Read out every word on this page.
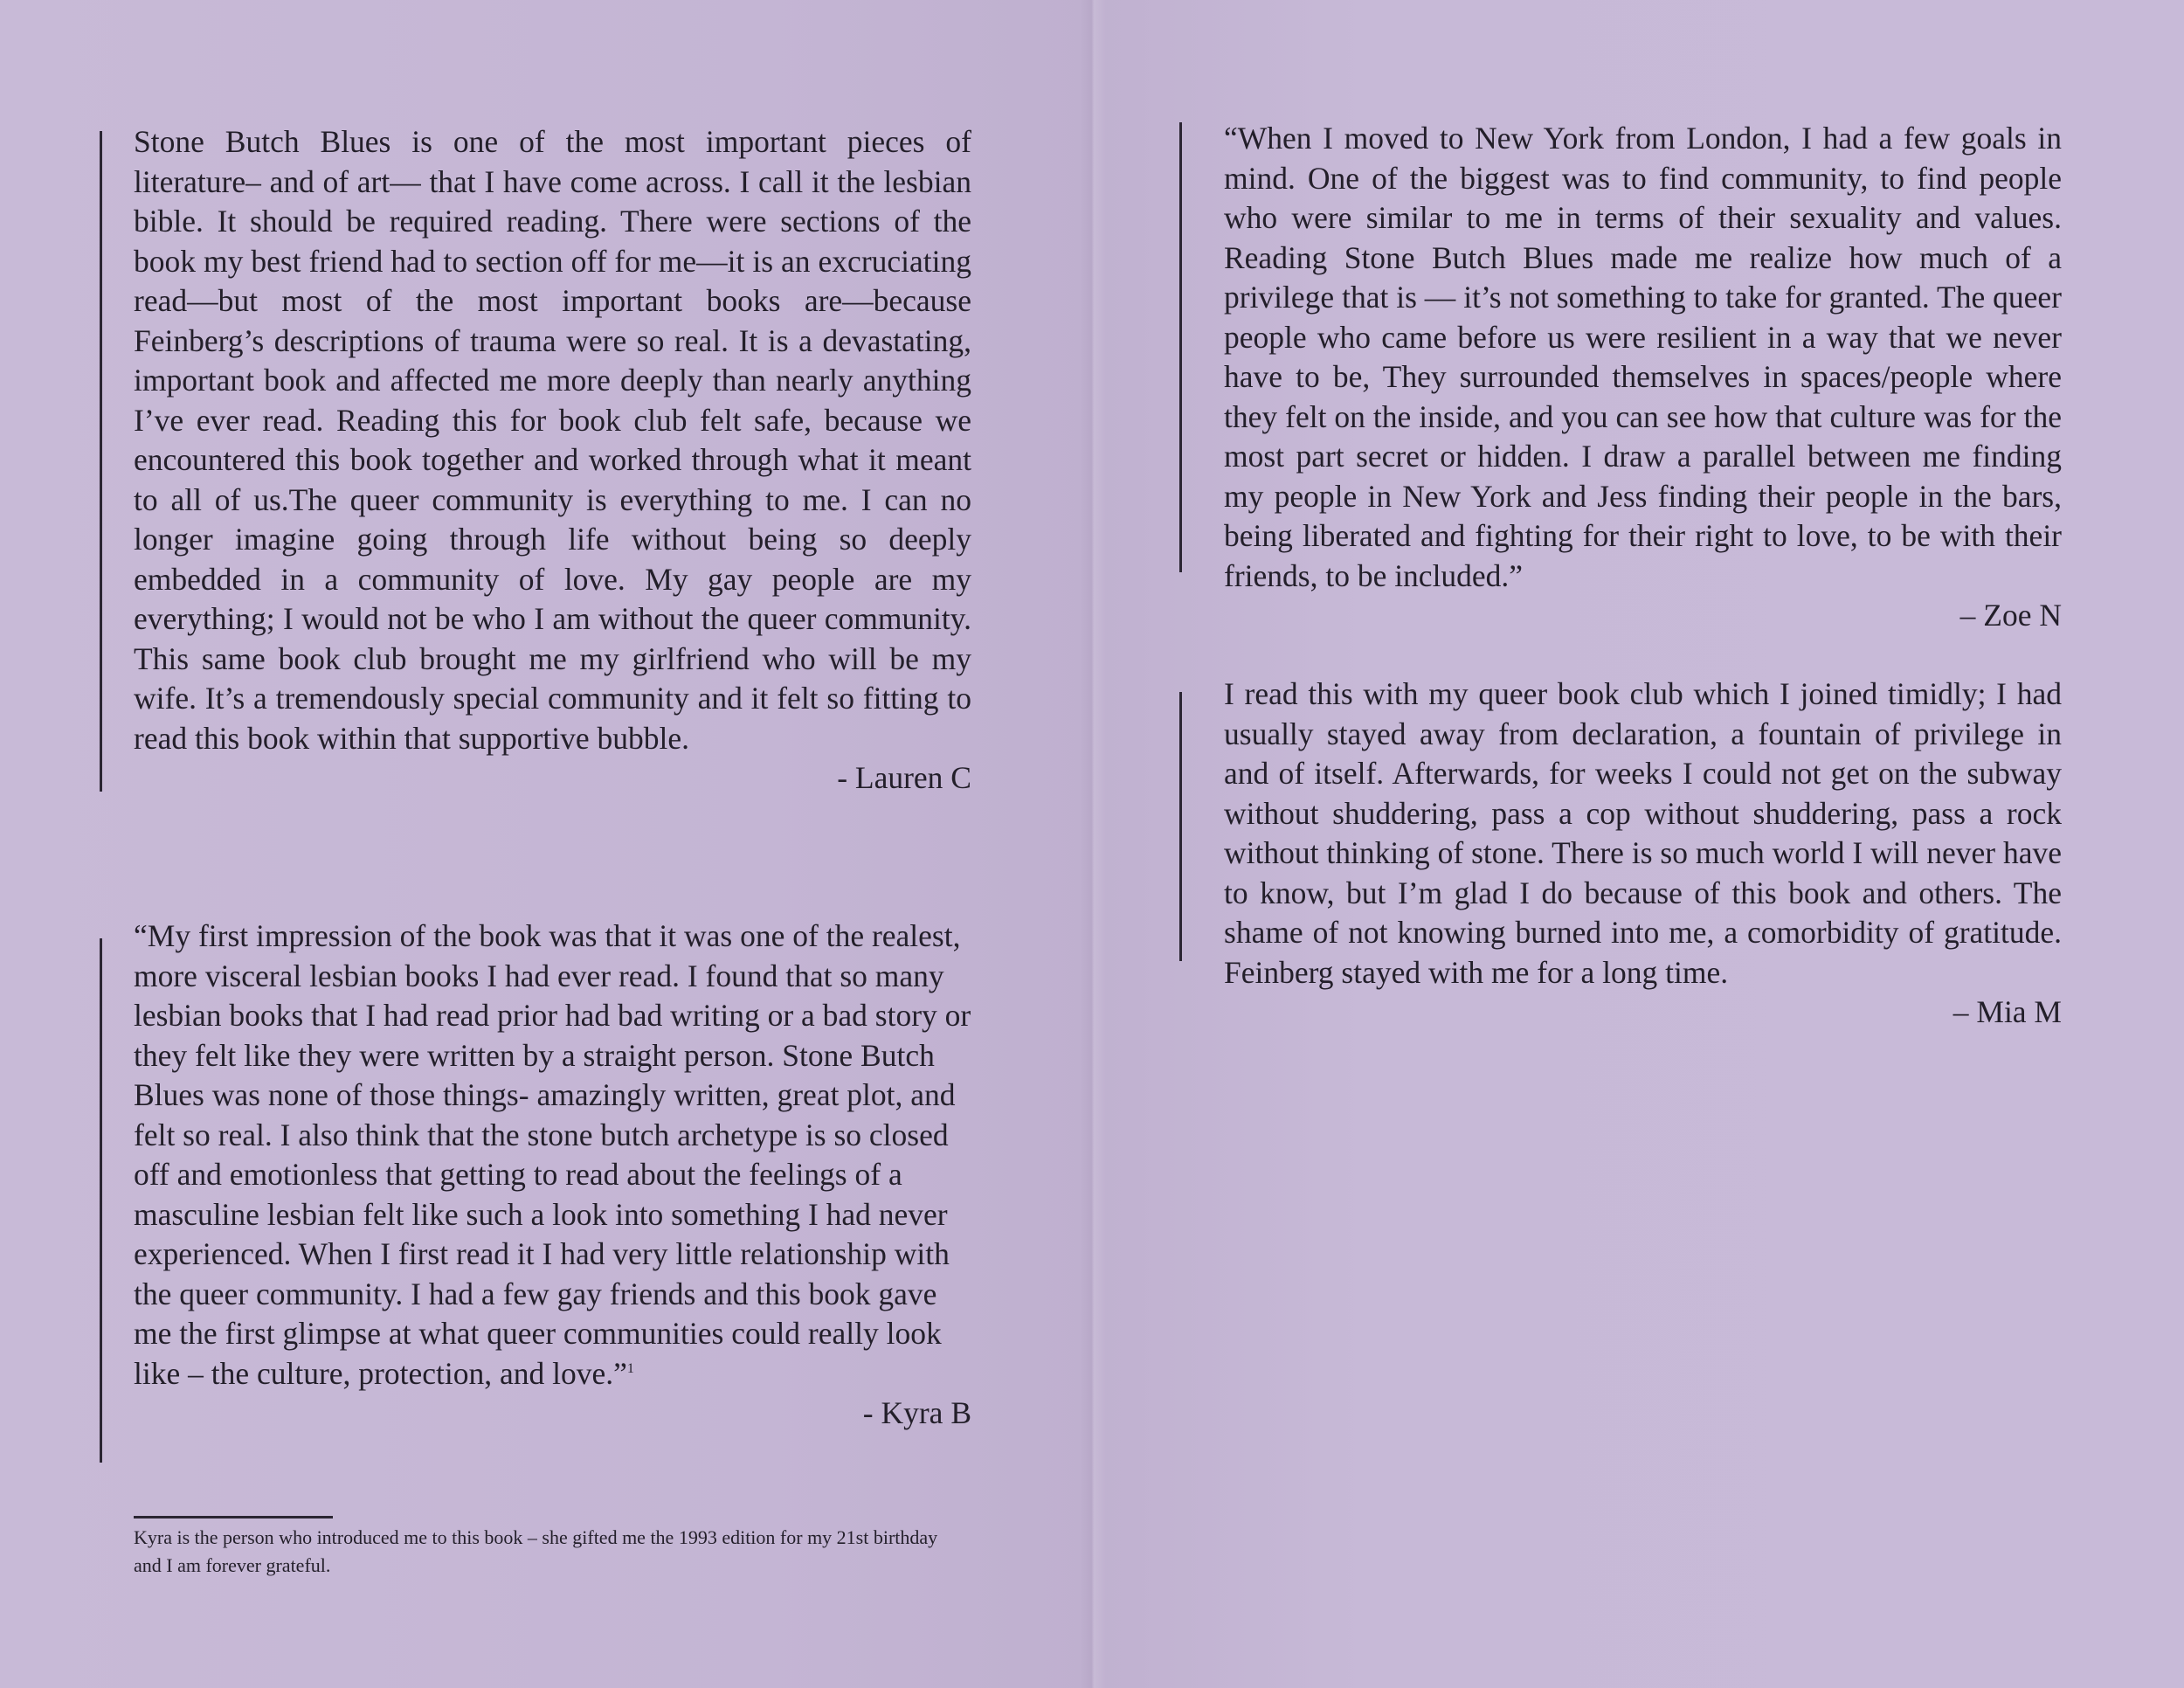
Stone Butch Blues is one of the most important pieces of literature– and of art— that I have come across. I call it the lesbian bible. It should be required reading. There were sections of the book my best friend had to section off for me—it is an excruciating read—but most of the most important books are—because Feinberg’s descriptions of trauma were so real. It is a devastating, important book and affected me more deeply than nearly anything I’ve ever read. Reading this for book club felt safe, because we encountered this book together and worked through what it meant to all of us.The queer community is everything to me. I can no longer imagine going through life without being so deeply embedded in a community of love. My gay people are my everything; I would not be who I am without the queer community. This same book club brought me my girlfriend who will be my wife. It’s a tremendously special community and it felt so fitting to read this book within that supportive bubble.

- Lauren C

“My first impression of the book was that it was one of the realest, more visceral lesbian books I had ever read. I found that so many lesbian books that I had read prior had bad writing or a bad story or they felt like they were written by a straight person. Stone Butch Blues was none of those things- amazingly written, great plot, and felt so real. I also think that the stone butch archetype is so closed off and emotionless that getting to read about the feelings of a masculine lesbian felt like such a look into something I had never experienced. When I first read it I had very little relationship with the queer community. I had a few gay friends and this book gave me the first glimpse at what queer communities could really look like – the culture, protection, and love.”$^1$

- Kyra B

“When I moved to New York from London, I had a few goals in mind. One of the biggest was to find community, to find people who were similar to me in terms of their sexuality and values. Reading Stone Butch Blues made me realize how much of a privilege that is — it’s not something to take for granted. The queer people who came before us were resilient in a way that we never have to be, They surrounded themselves in spaces/people where they felt on the inside, and you can see how that culture was for the most part secret or hidden. I draw a parallel between me finding my people in New York and Jess finding their people in the bars, being liberated and fighting for their right to love, to be with their friends, to be included.”

– Zoe N

I read this with my queer book club which I joined timidly; I had usually stayed away from declaration, a fountain of privilege in and of itself. Afterwards, for weeks I could not get on the subway without shuddering, pass a cop without shuddering, pass a rock without thinking of stone. There is so much world I will never have to know, but I’m glad I do because of this book and others. The shame of not knowing burned into me, a comorbidity of gratitude. Feinberg stayed with me for a long time.

– Mia M

Kyra is the person who introduced me to this book – she gifted me the 1993 edition for my 21st birthday and I am forever grateful.
